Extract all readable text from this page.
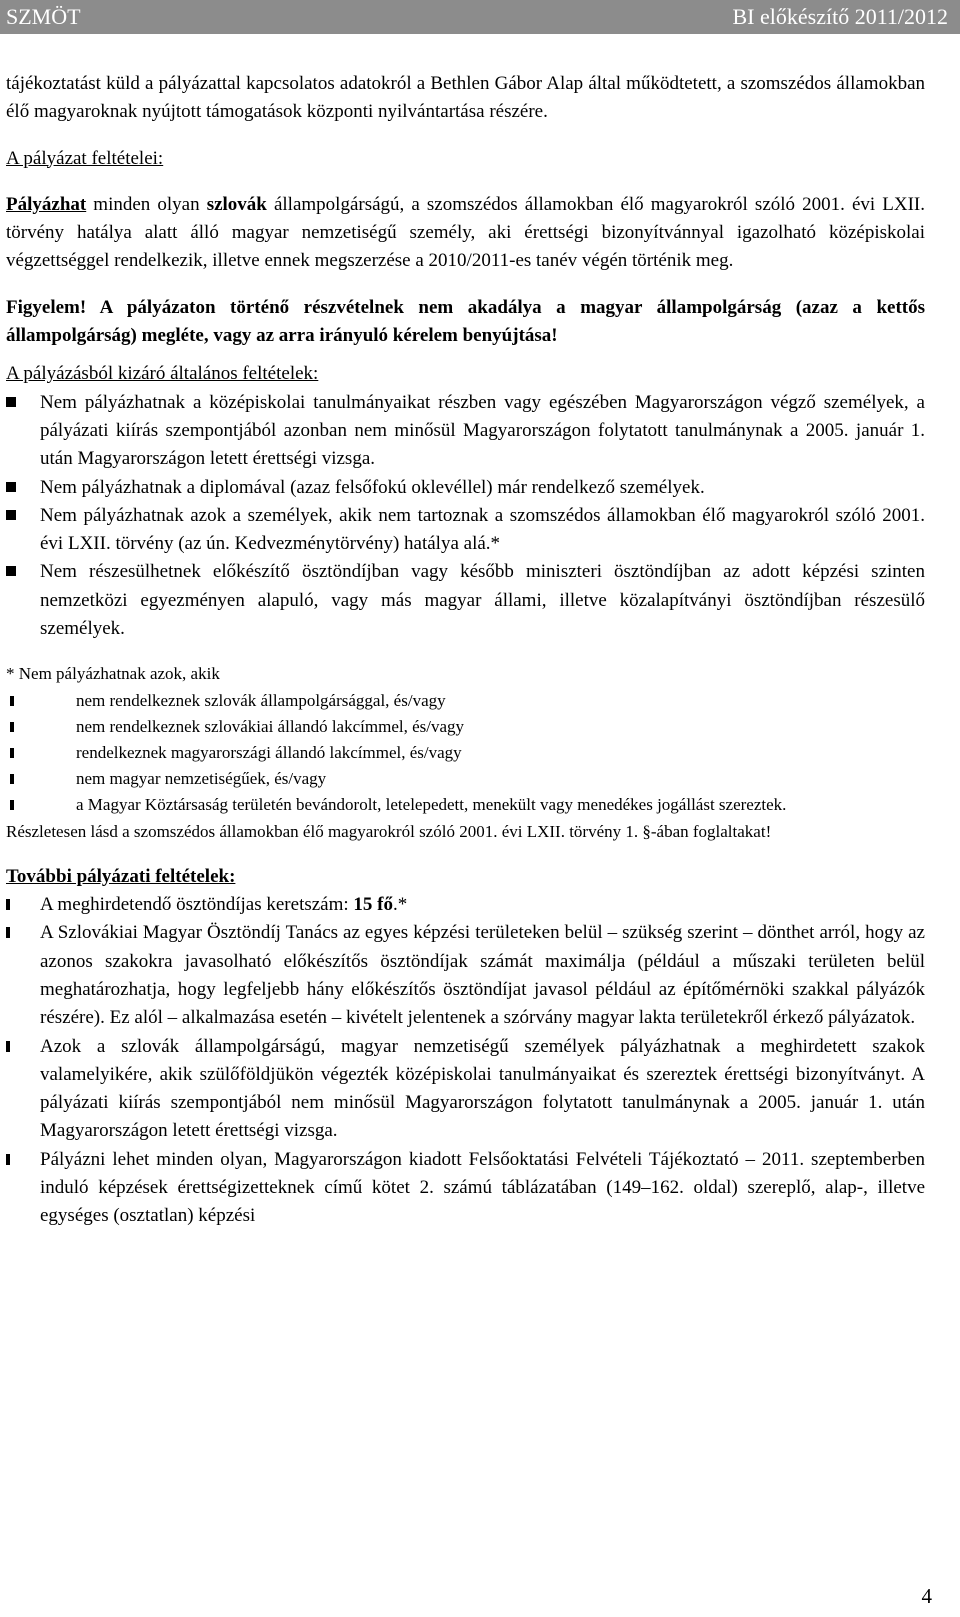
SZMÖT	BI előkészítő 2011/2012

tájékoztatást küld a pályázattal kapcsolatos adatokról a Bethlen Gábor Alap által működtetett, a szomszédos államokban élő magyaroknak nyújtott támogatások központi nyilvántartása részére.

A pályázat feltételei:

Pályázhat minden olyan szlovák állampolgárságú, a szomszédos államokban élő magyarokról szóló 2001. évi LXII. törvény hatálya alatt álló magyar nemzetiségű személy, aki érettségi bizonyítvánnyal igazolható középiskolai végzettséggel rendelkezik, illetve ennek megszerzése a 2010/2011-es tanév végén történik meg.

Figyelem! A pályázaton történő részvételnek nem akadálya a magyar állampolgárság (azaz a kettős állampolgárság) megléte, vagy az arra irányuló kérelem benyújtása!

A pályázásból kizáró általános feltételek:

Nem pályázhatnak a középiskolai tanulmányaikat részben vagy egészében Magyarországon végző személyek, a pályázati kiírás szempontjából azonban nem minősül Magyarországon folytatott tanulmánynak a 2005. január 1. után Magyarországon letett érettségi vizsga.
Nem pályázhatnak a diplomával (azaz felsőfokú oklevéllel) már rendelkező személyek.
Nem pályázhatnak azok a személyek, akik nem tartoznak a szomszédos államokban élő magyarokról szóló 2001. évi LXII. törvény (az ún. Kedvezménytörvény) hatálya alá.*
Nem részesülhetnek előkészítő ösztöndíjban vagy később miniszteri ösztöndíjban az adott képzési szinten nemzetközi egyezményen alapuló, vagy más magyar állami, illetve közalapítványi ösztöndíjban részesülő személyek.

* Nem pályázhatnak azok, akik

nem rendelkeznek szlovák állampolgársággal, és/vagy
nem rendelkeznek szlovákiai állandó lakcímmel, és/vagy
rendelkeznek magyarországi állandó lakcímmel, és/vagy
nem magyar nemzetiségűek, és/vagy
a Magyar Köztársaság területén bevándorolt, letelepedett, menekült vagy menedékes jogállást szereztek.

Részletesen lásd a szomszédos államokban élő magyarokról szóló 2001. évi LXII. törvény 1. §-ában foglaltakat!

További pályázati feltételek:

A meghirdetendő ösztöndíjas keretszám: 15 fő.*
A Szlovákiai Magyar Ösztöndíj Tanács az egyes képzési területeken belül – szükség szerint – dönthet arról, hogy az azonos szakokra javasolható előkészítős ösztöndíjak számát maximálja (például a műszaki területen belül meghatározhatja, hogy legfeljebb hány előkészítős ösztöndíjat javasol például az építőmérnöki szakkal pályázók részére). Ez alól – alkalmazása esetén – kivételt jelentenek a szórvány magyar lakta területekről érkező pályázatok.
Azok a szlovák állampolgárságú, magyar nemzetiségű személyek pályázhatnak a meghirdetett szakok valamelyikére, akik szülőföldjükön végezték középiskolai tanulmányaikat és szereztek érettségi bizonyítványt. A pályázati kiírás szempontjából nem minősül Magyarországon folytatott tanulmánynak a 2005. január 1. után Magyarországon letett érettségi vizsga.
Pályázni lehet minden olyan, Magyarországon kiadott Felsőoktatási Felvételi Tájékoztató – 2011. szeptemberben induló képzések érettségizetteknek című kötet 2. számú táblázatában (149–162. oldal) szereplő, alap-, illetve egységes (osztatlan) képzési
4
